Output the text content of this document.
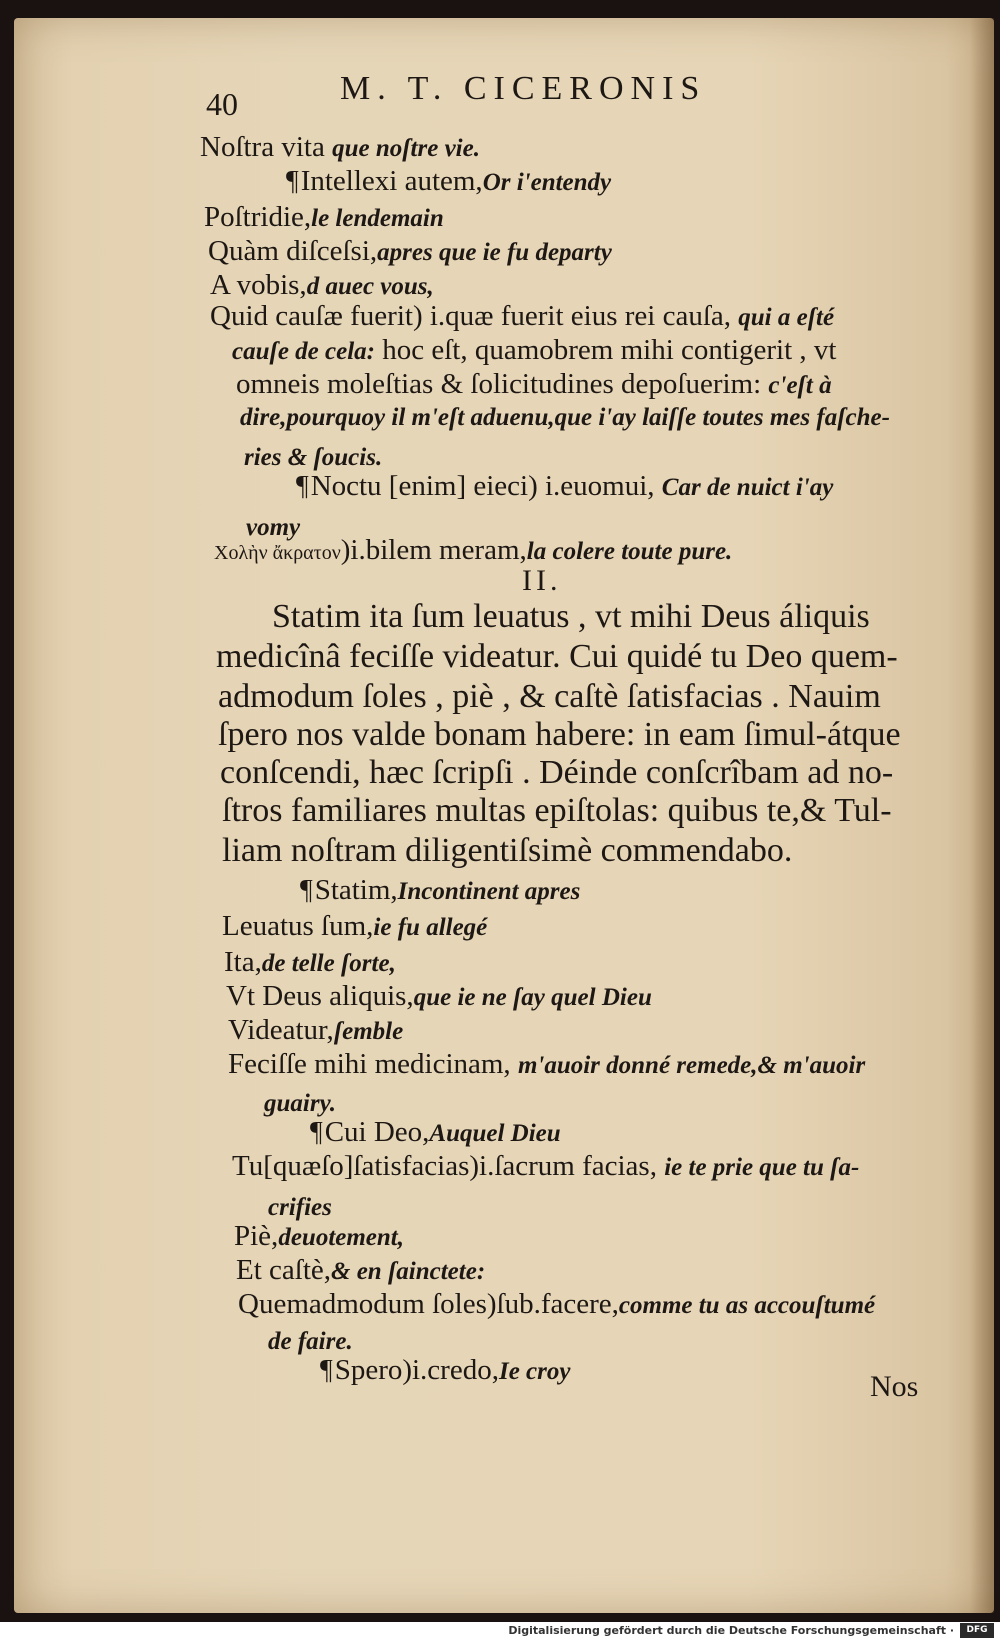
40	M. T. CICERONIS
Noſtra vita que noſtre vie.
¶Intellexi autem,Or i'entendy
Poſtridie,le lendemain
Quàm diſceſsi,apres que ie fu departy
A vobis,d auec vous,
Quid cauſæ fuerit) i.quæ fuerit eius rei cauſa, qui a eſté
cauſe de cela: hoc eſt, quamobrem mihi contigerit , vt
omneis moleſtias & ſolicitudines depoſuerim: c'eſt à
dire,pourquoy il m'eſt aduenu,que i'ay laiſſe toutes mes faſche-
ries & ſoucis.
¶Noctu [enim] eieci) i.euomui, Car de nuict i'ay
vomy
Χολὴν ἄκρατον)i.bilem meram,la colere toute pure.
II.
Statim ita ſum leuatus , vt mihi Deus áliquis
medicînâ feciſſe videatur. Cui quidé tu Deo quem-
admodum ſoles , piè , & caſtè ſatisfacias . Nauim
ſpero nos valde bonam habere: in eam ſimul-átque
conſcendi, hæc ſcripſi . Déinde conſcrîbam ad no-
ſtros familiares multas epiſtolas: quibus te,& Tul-
liam noſtram diligentiſsimè commendabo.
¶Statim,Incontinent apres
Leuatus ſum,ie fu allegé
Ita,de telle ſorte,
Vt Deus aliquis,que ie ne ſay quel Dieu
Videatur,ſemble
Feciſſe mihi medicinam, m'auoir donné remede,& m'auoir
guairy.
¶Cui Deo,Auquel Dieu
Tu[quæſo]ſatisfacias)i.ſacrum facias, ie te prie que tu ſa-
crifies
Piè,deuotement,
Et caſtè,& en ſainctete:
Quemadmodum ſoles)ſub.facere,comme tu as accouſtumé
de faire.
¶Spero)i.credo,Ie croy	Nos
Digitalisierung gefördert durch die Deutsche Forschungsgemeinschaft ·	DFG
